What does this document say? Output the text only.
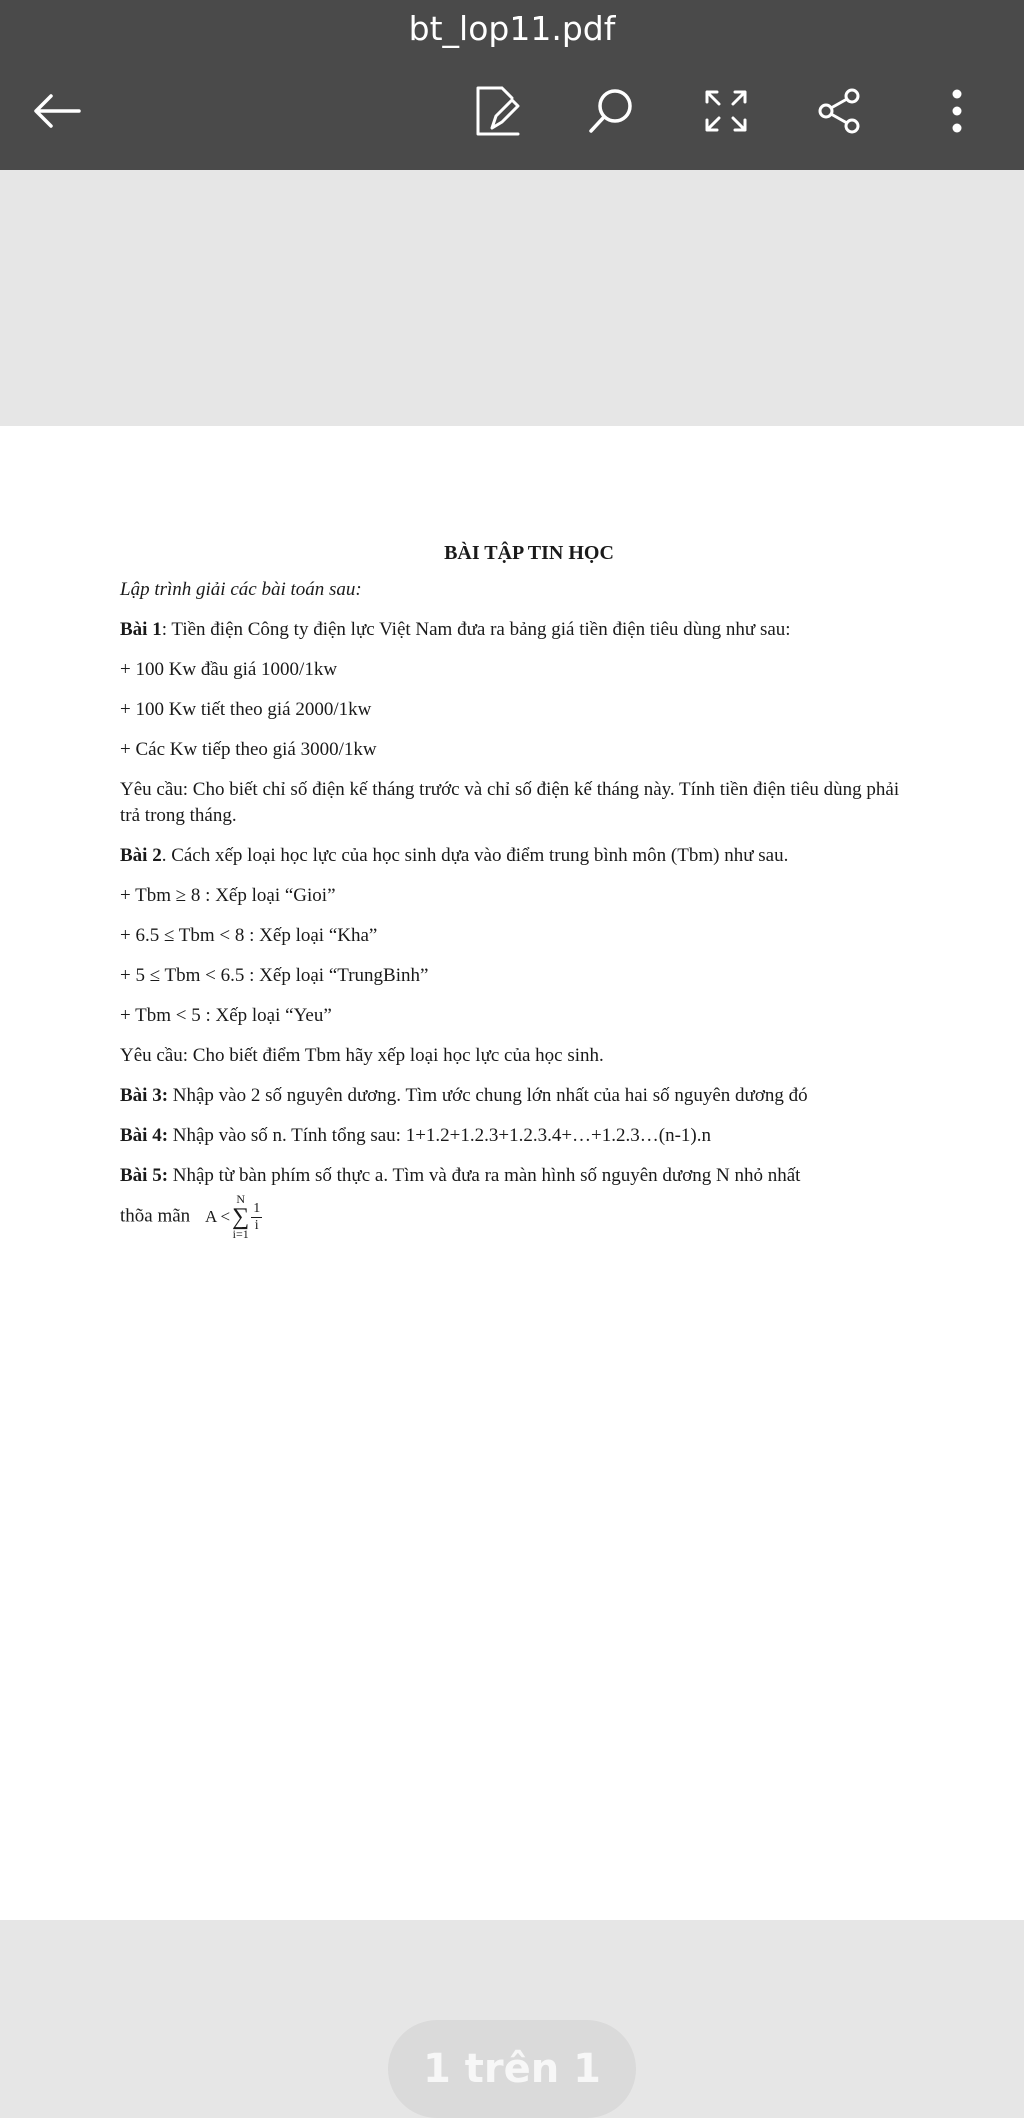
bt_lop11.pdf
BÀI TẬP TIN HỌC

Lập trình giải các bài toán sau:

Bài 1: Tiền điện Công ty điện lực Việt Nam đưa ra bảng giá tiền điện tiêu dùng như sau:

+ 100 Kw đầu giá 1000/1kw

+ 100 Kw tiết theo giá 2000/1kw

+ Các Kw tiếp theo giá 3000/1kw

Yêu cầu: Cho biết chỉ số điện kế tháng trước và chỉ số điện kế tháng này. Tính tiền điện tiêu dùng phải trả trong tháng.

Bài 2. Cách xếp loại học lực của học sinh dựa vào điểm trung bình môn (Tbm) như sau.

+ Tbm ≥ 8 : Xếp loại “Gioi”

+ 6.5 ≤ Tbm < 8 : Xếp loại “Kha”

+ 5 ≤ Tbm < 6.5 : Xếp loại “TrungBinh”

+ Tbm < 5 : Xếp loại “Yeu”

Yêu cầu: Cho biết điểm Tbm hãy xếp loại học lực của học sinh.

Bài 3: Nhập vào 2 số nguyên dương. Tìm ước chung lớn nhất của hai số nguyên dương đó

Bài 4: Nhập vào số n. Tính tổng sau: 1+1.2+1.2.3+1.2.3.4+…+1.2.3…(n-1).n

Bài 5: Nhập từ bàn phím số thực a. Tìm và đưa ra màn hình số nguyên dương N nhỏ nhất

thõa mãn A <
N
∑
i=1
$\frac{1}{i}$

1 trên 1
